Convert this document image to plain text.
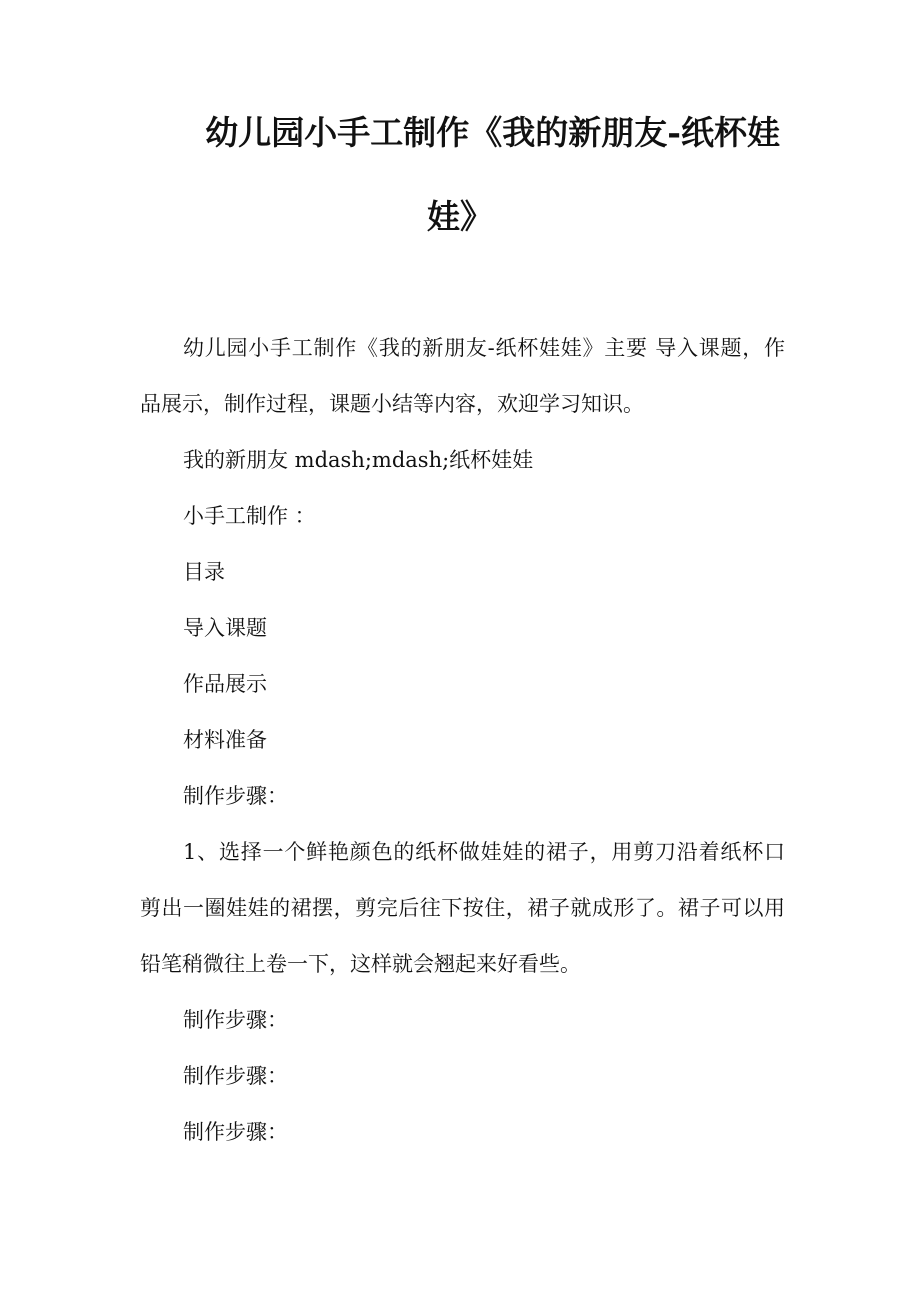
幼儿园小手工制作《我的新朋友-纸杯娃
娃》

幼儿园小手工制作《我的新朋友-纸杯娃娃》主要 导入课题，作

品展示，制作过程，课题小结等内容，欢迎学习知识。

我的新朋友 mdash;mdash;纸杯娃娃

小手工制作 ：

目录

导入课题

作品展示

材料准备

制作步骤：

1、选择一个鲜艳颜色的纸杯做娃娃的裙子，用剪刀沿着纸杯口

剪出一圈娃娃的裙摆，剪完后往下按住，裙子就成形了。裙子可以用

铅笔稍微往上卷一下，这样就会翘起来好看些。

制作步骤：

制作步骤：

制作步骤：
